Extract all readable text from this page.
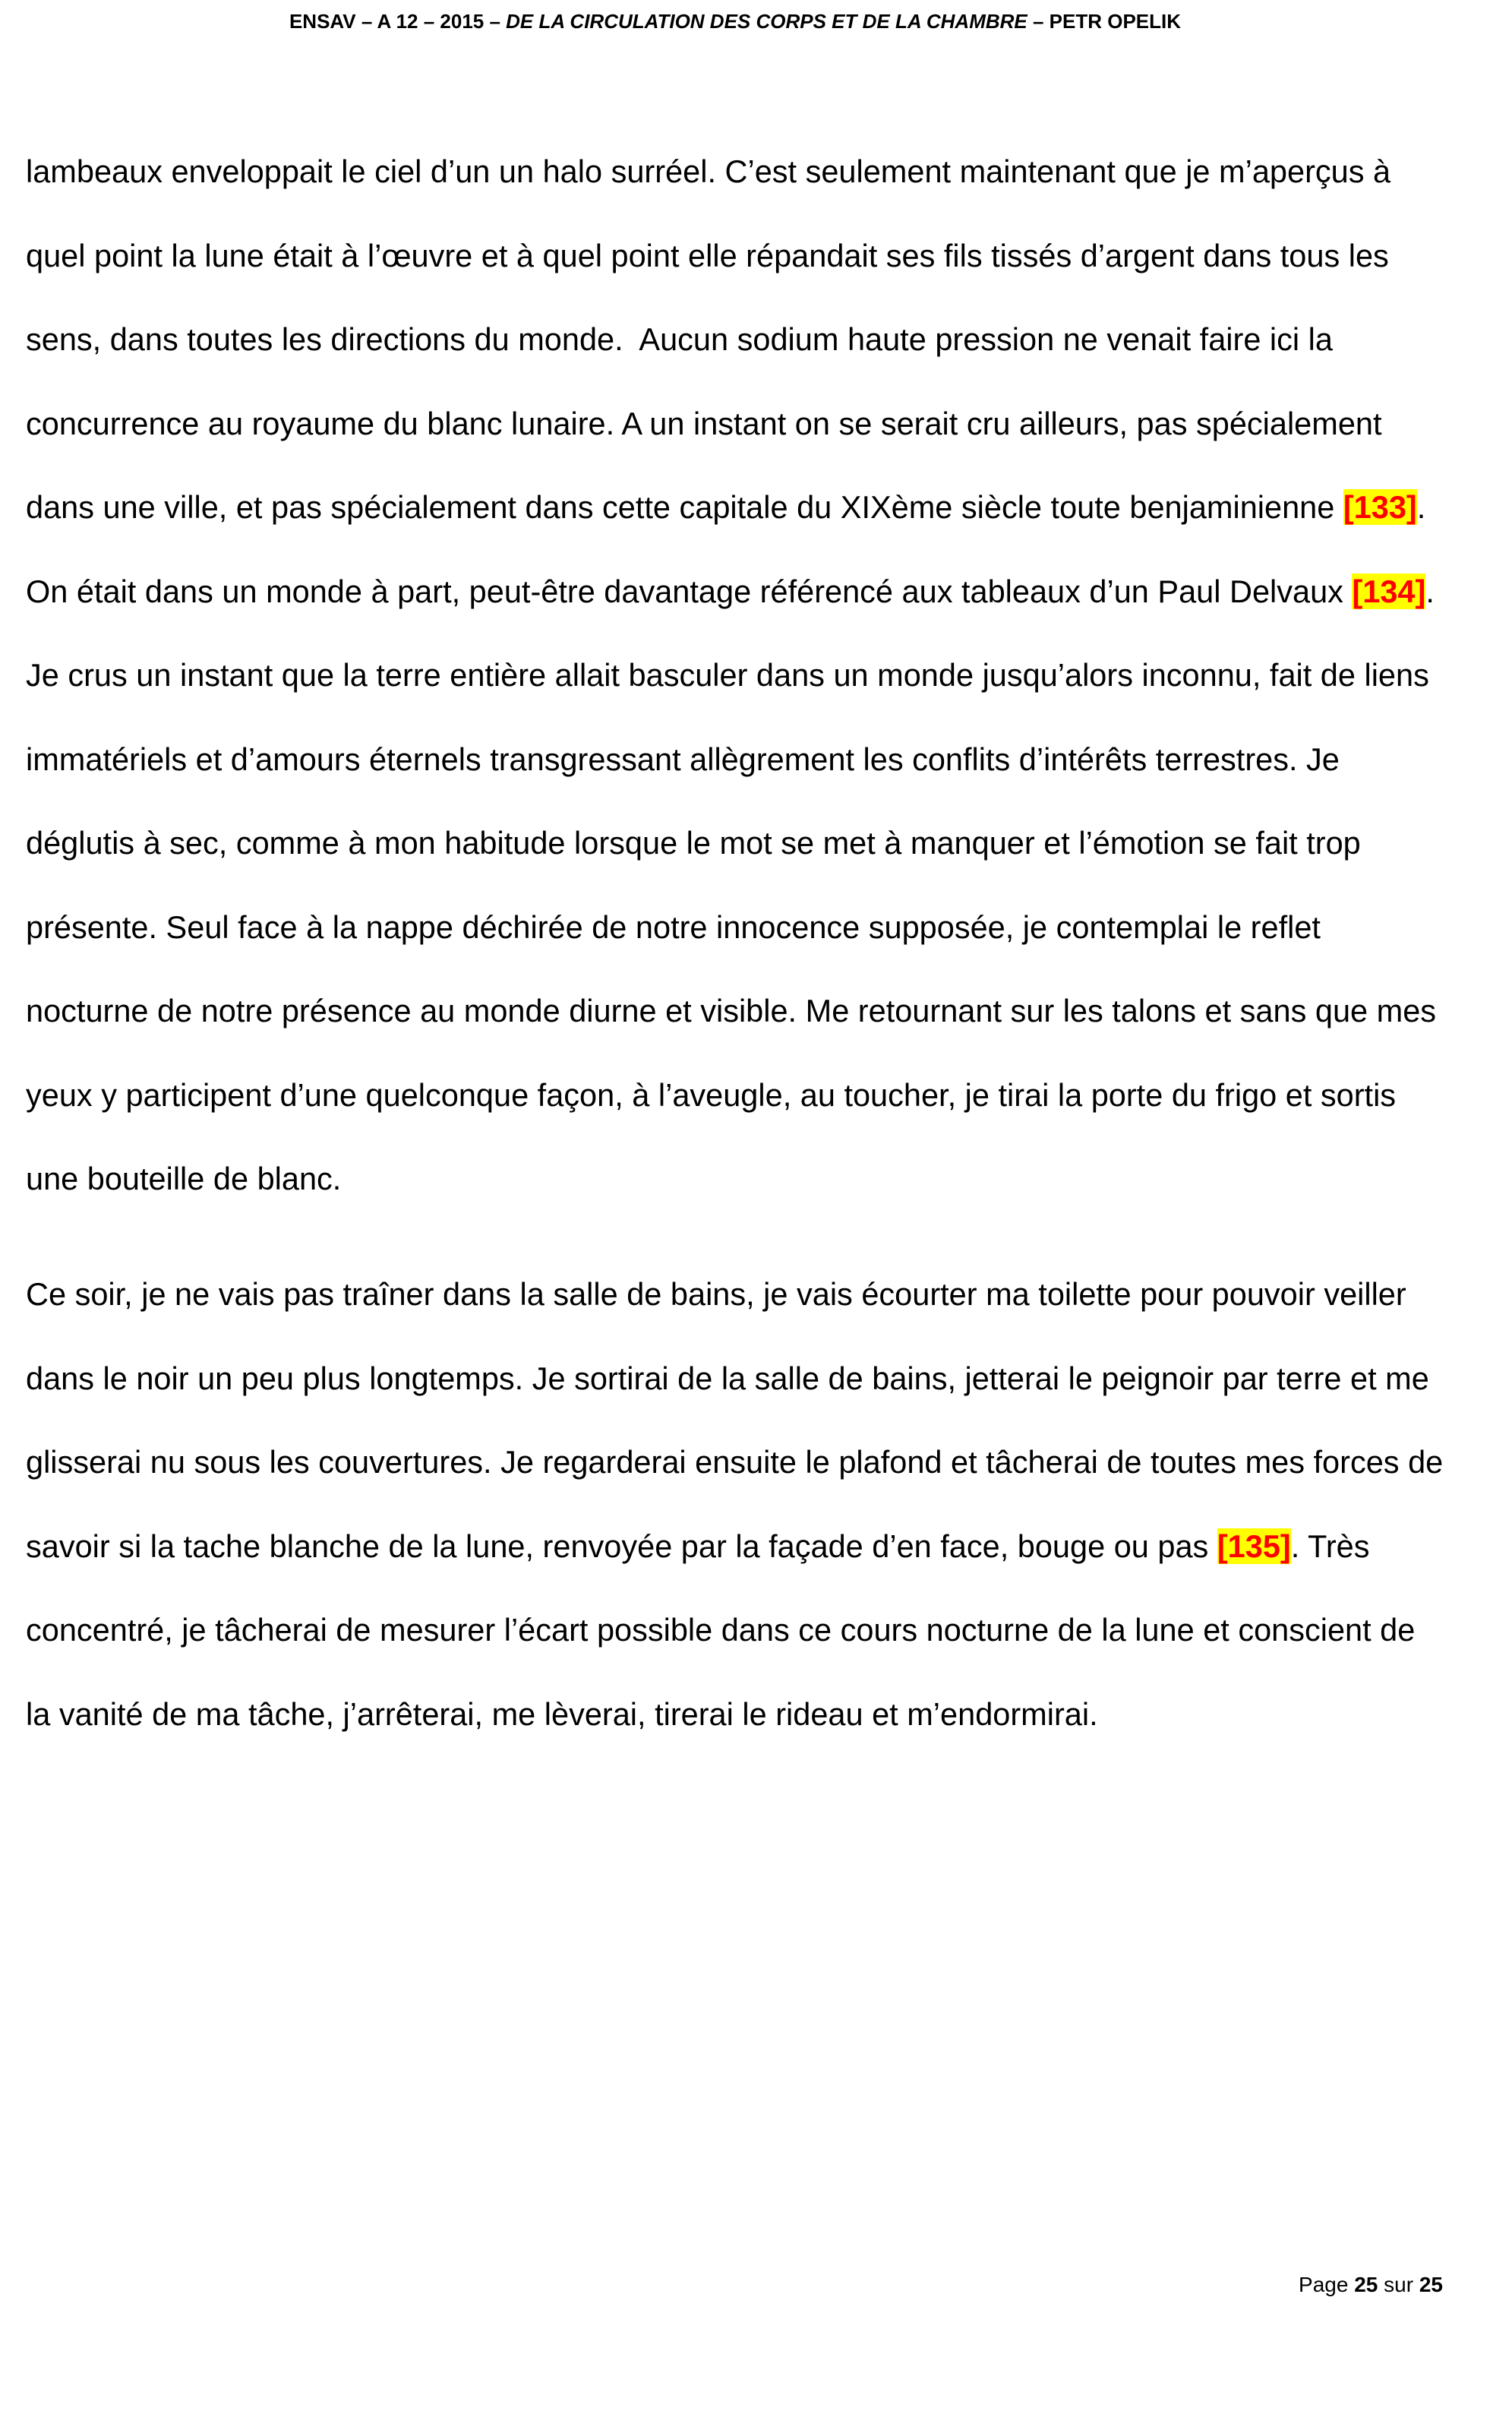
ENSAV – A 12 – 2015 – DE LA CIRCULATION DES CORPS ET DE LA CHAMBRE – PETR OPELIK
lambeaux enveloppait le ciel d’un un halo surréel. C’est seulement maintenant que je m’aperçus à
quel point la lune était à l’œuvre et à quel point elle répandait ses fils tissés d’argent dans tous les
sens, dans toutes les directions du monde.  Aucun sodium haute pression ne venait faire ici la
concurrence au royaume du blanc lunaire. A un instant on se serait cru ailleurs, pas spécialement
dans une ville, et pas spécialement dans cette capitale du XIXème siècle toute benjaminienne [133].
On était dans un monde à part, peut-être davantage référencé aux tableaux d’un Paul Delvaux [134].
Je crus un instant que la terre entière allait basculer dans un monde jusqu’alors inconnu, fait de liens
immatériels et d’amours éternels transgressant allègrement les conflits d’intérêts terrestres. Je
déglutis à sec, comme à mon habitude lorsque le mot se met à manquer et l’émotion se fait trop
présente. Seul face à la nappe déchirée de notre innocence supposée, je contemplai le reflet
nocturne de notre présence au monde diurne et visible. Me retournant sur les talons et sans que mes
yeux y participent d’une quelconque façon, à l’aveugle, au toucher, je tirai la porte du frigo et sortis
une bouteille de blanc.
Ce soir, je ne vais pas traîner dans la salle de bains, je vais écourter ma toilette pour pouvoir veiller
dans le noir un peu plus longtemps. Je sortirai de la salle de bains, jetterai le peignoir par terre et me
glisserai nu sous les couvertures. Je regarderai ensuite le plafond et tâcherai de toutes mes forces de
savoir si la tache blanche de la lune, renvoyée par la façade d’en face, bouge ou pas [135]. Très
concentré, je tâcherai de mesurer l’écart possible dans ce cours nocturne de la lune et conscient de
la vanité de ma tâche, j’arrêterai, me lèverai, tirerai le rideau et m’endormirai.
Page 25 sur 25
